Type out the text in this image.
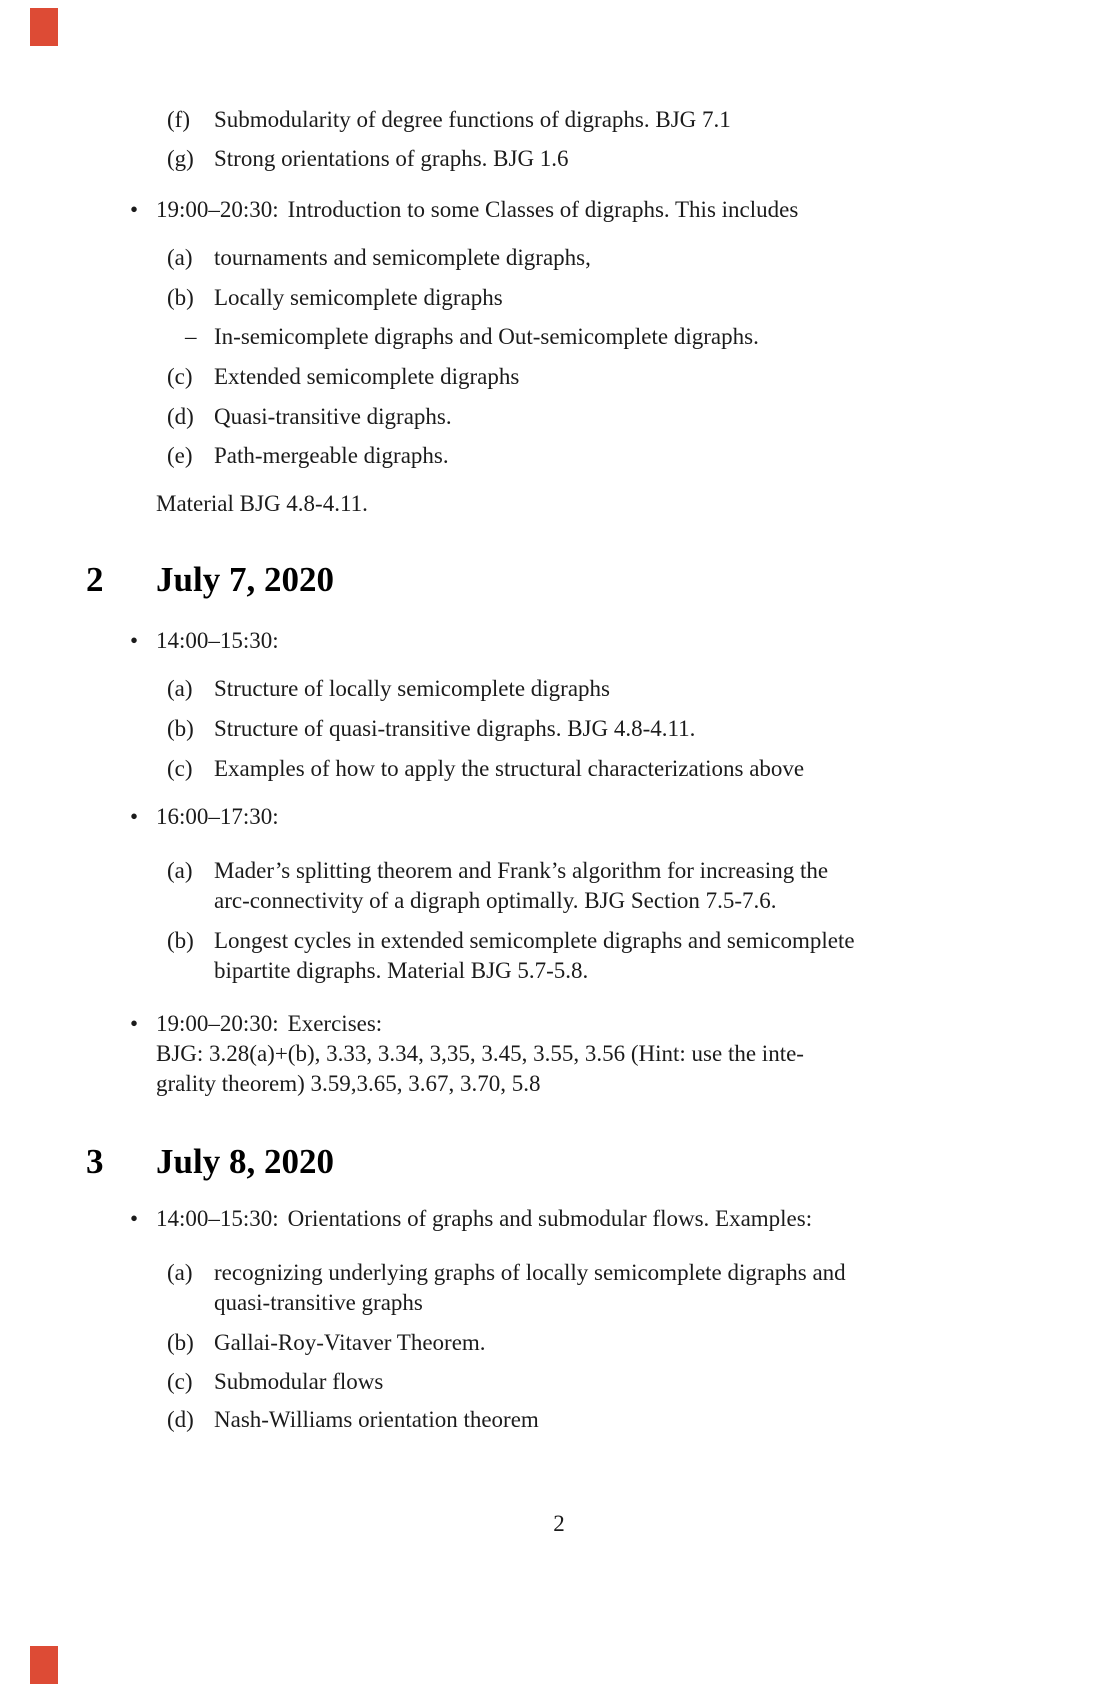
(f) Submodularity of degree functions of digraphs. BJG 7.1
(g) Strong orientations of graphs. BJG 1.6
• 19:00–20:30: Introduction to some Classes of digraphs. This includes
(a) tournaments and semicomplete digraphs,
(b) Locally semicomplete digraphs
– In-semicomplete digraphs and Out-semicomplete digraphs.
(c) Extended semicomplete digraphs
(d) Quasi-transitive digraphs.
(e) Path-mergeable digraphs.
Material BJG 4.8-4.11.
2 July 7, 2020
• 14:00–15:30:
(a) Structure of locally semicomplete digraphs
(b) Structure of quasi-transitive digraphs. BJG 4.8-4.11.
(c) Examples of how to apply the structural characterizations above
• 16:00–17:30:
(a) Mader’s splitting theorem and Frank’s algorithm for increasing the
arc-connectivity of a digraph optimally. BJG Section 7.5-7.6.
(b) Longest cycles in extended semicomplete digraphs and semicomplete
bipartite digraphs. Material BJG 5.7-5.8.
• 19:00–20:30: Exercises:
BJG: 3.28(a)+(b), 3.33, 3.34, 3,35, 3.45, 3.55, 3.56 (Hint: use the inte-
grality theorem) 3.59,3.65, 3.67, 3.70, 5.8
3 July 8, 2020
• 14:00–15:30: Orientations of graphs and submodular flows. Examples:
(a) recognizing underlying graphs of locally semicomplete digraphs and
quasi-transitive graphs
(b) Gallai-Roy-Vitaver Theorem.
(c) Submodular flows
(d) Nash-Williams orientation theorem
2
